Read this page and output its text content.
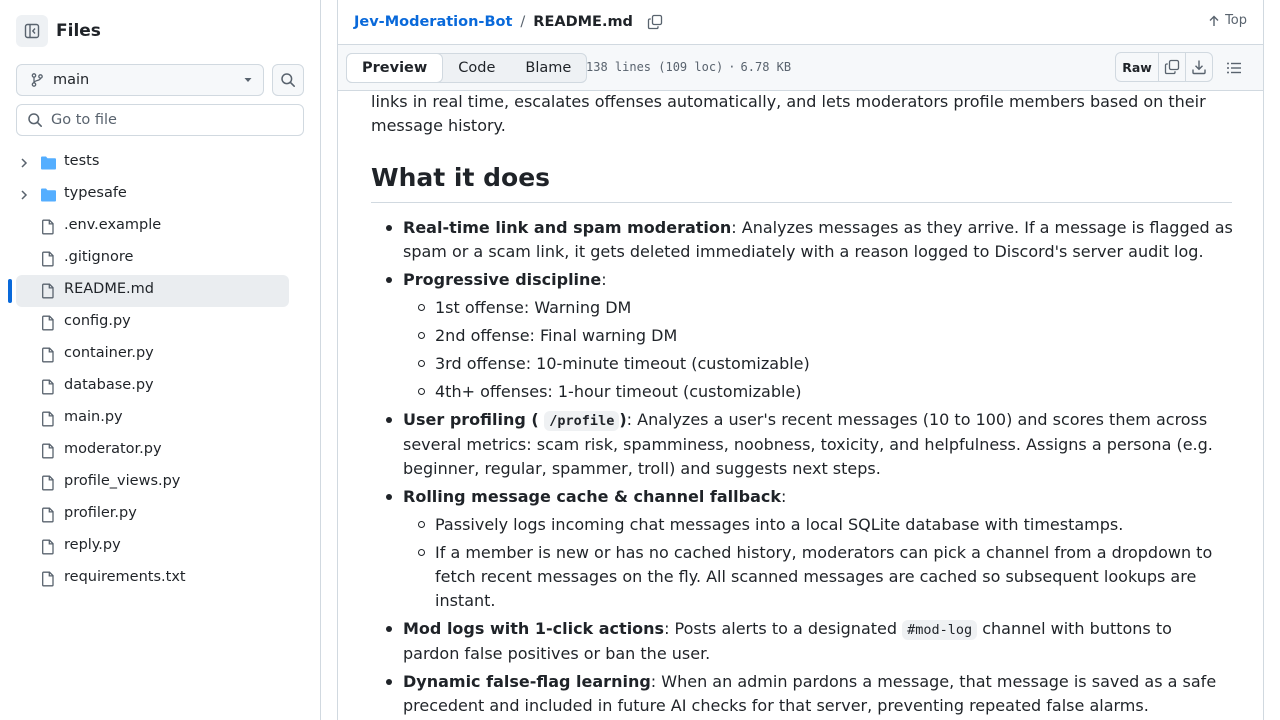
Files
main
Go to file
tests
typesafe
.env.example
.gitignore
README.md
config.py
container.py
database.py
main.py
moderator.py
profile_views.py
profiler.py
reply.py
requirements.txt
Jev-Moderation-Bot / README.md	Top
Preview	Code	Blame	138 lines (109 loc) · 6.78 KB	Raw

links in real time, escalates offenses automatically, and lets moderators profile members based on their message history.

What it does
Real-time link and spam moderation: Analyzes messages as they arrive. If a message is flagged as spam or a scam link, it gets deleted immediately with a reason logged to Discord's server audit log.
Progressive discipline:
1st offense: Warning DM
2nd offense: Final warning DM
3rd offense: 10-minute timeout (customizable)
4th+ offenses: 1-hour timeout (customizable)
User profiling ( /profile ): Analyzes a user's recent messages (10 to 100) and scores them across several metrics: scam risk, spamminess, noobness, toxicity, and helpfulness. Assigns a persona (e.g. beginner, regular, spammer, troll) and suggests next steps.
Rolling message cache & channel fallback:
Passively logs incoming chat messages into a local SQLite database with timestamps.
If a member is new or has no cached history, moderators can pick a channel from a dropdown to fetch recent messages on the fly. All scanned messages are cached so subsequent lookups are instant.
Mod logs with 1-click actions: Posts alerts to a designated #mod-log channel with buttons to pardon false positives or ban the user.
Dynamic false-flag learning: When an admin pardons a message, that message is saved as a safe precedent and included in future AI checks for that server, preventing repeated false alarms.
